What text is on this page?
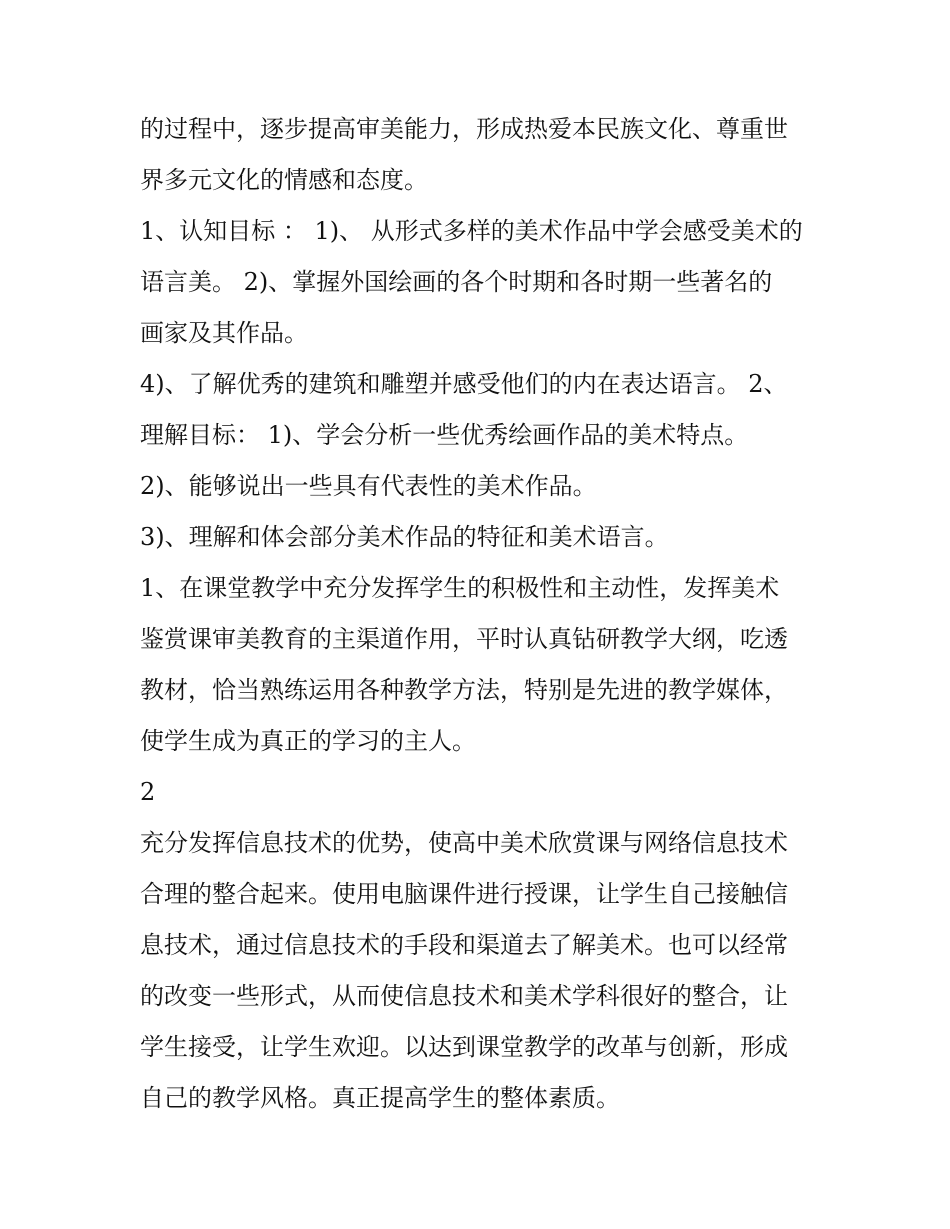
的过程中，逐步提高审美能力，形成热爱本民族文化、尊重世
界多元文化的情感和态度。
1、认知目标 ： 1)、 从形式多样的美术作品中学会感受美术的
语言美。 2)、掌握外国绘画的各个时期和各时期一些著名的
画家及其作品。
4)、了解优秀的建筑和雕塑并感受他们的内在表达语言。 2、
理解目标： 1)、学会分析一些优秀绘画作品的美术特点。
2)、能够说出一些具有代表性的美术作品。
3)、理解和体会部分美术作品的特征和美术语言。
1、在课堂教学中充分发挥学生的积极性和主动性，发挥美术
鉴赏课审美教育的主渠道作用，平时认真钻研教学大纲，吃透
教材，恰当熟练运用各种教学方法，特别是先进的教学媒体，
使学生成为真正的学习的主人。
2
充分发挥信息技术的优势，使高中美术欣赏课与网络信息技术
合理的整合起来。使用电脑课件进行授课，让学生自己接触信
息技术，通过信息技术的手段和渠道去了解美术。也可以经常
的改变一些形式，从而使信息技术和美术学科很好的整合，让
学生接受，让学生欢迎。以达到课堂教学的改革与创新，形成
自己的教学风格。真正提高学生的整体素质。
